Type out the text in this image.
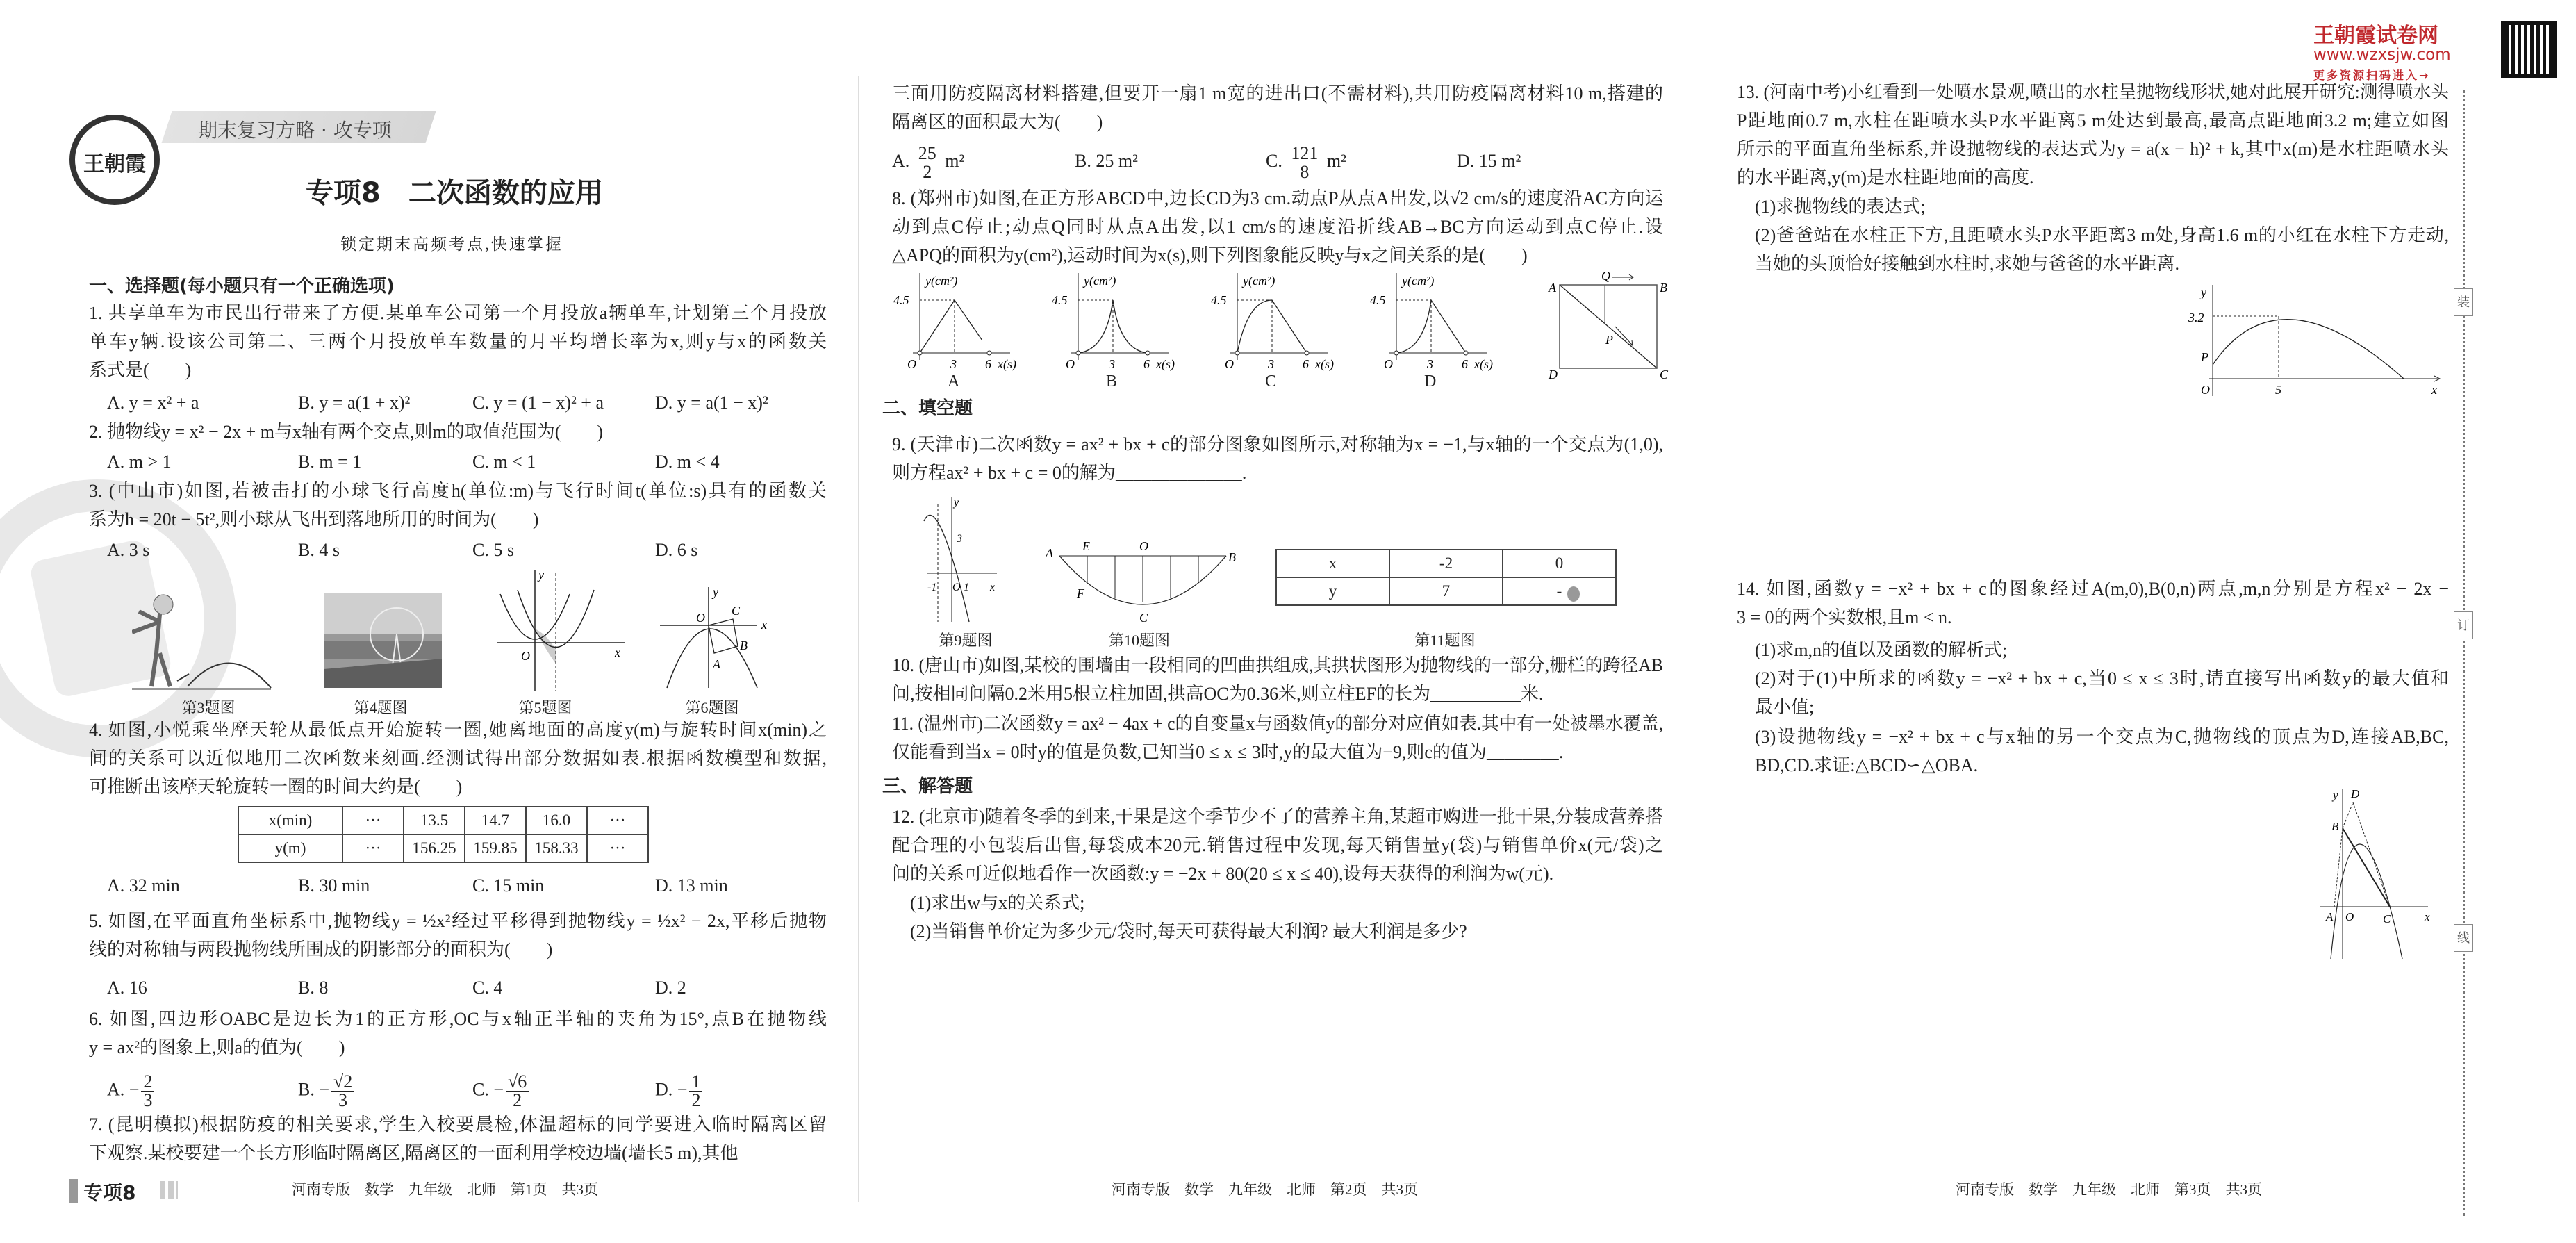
王朝霞
期末复习方略 · 攻专项
专项8　二次函数的应用
锁定期末高频考点,快速掌握
王朝霞试卷网
www.wzxsjw.com
更多资源扫码进入→
装
订
线
一、选择题(每小题只有一个正确选项)
1. 共享单车为市民出行带来了方便.某单车公司第一个月投放a辆单车,计划第三个月投放
单车y辆.设该公司第二、三两个月投放单车数量的月平均增长率为x,则y与x的函数关
系式是(　　)
A. y = x² + a	B. y = a(1 + x)²	C. y = (1 − x)² + a	D. y = a(1 − x)²
2. 抛物线y = x² − 2x + m与x轴有两个交点,则m的取值范围为(　　)
A. m > 1	B. m = 1	C. m < 1	D. m < 4
3. (中山市)如图,若被击打的小球飞行高度h(单位:m)与飞行时间t(单位:s)具有的函数关
系为h = 20t − 5t²,则小球从飞出到落地所用的时间为(　　)
A. 3 s	B. 4 s	C. 5 s	D. 6 s
y
O	x
O C
B
A
y
x
第3题图	第4题图	第5题图	第6题图
4. 如图,小悦乘坐摩天轮从最低点开始旋转一圈,她离地面的高度y(m)与旋转时间x(min)之
间的关系可以近似地用二次函数来刻画.经测试得出部分数据如表.根据函数模型和数据,
可推断出该摩天轮旋转一圈的时间大约是(　　)
x(min)	···	13.5	14.7	16.0	···
y(m)	···	156.25	159.85	158.33	···
A. 32 min	B. 30 min	C. 15 min	D. 13 min
5. 如图,在平面直角坐标系中,抛物线y = ½x²经过平移得到抛物线y = ½x² − 2x,平移后抛物
线的对称轴与两段抛物线所围成的阴影部分的面积为(　　)
A. 16	B. 8	C. 4	D. 2
6. 如图,四边形OABC是边长为1的正方形,OC与x轴正半轴的夹角为15°,点B在抛物线
y = ax²的图象上,则a的值为(　　)
A. − $\frac{2}{3}$	B. − $\frac{√2}{3}$	C. − $\frac{√6}{2}$	D. − $\frac{1}{2}$
7. (昆明模拟)根据防疫的相关要求,学生入校要晨检,体温超标的同学要进入临时隔离区留
下观察.某校要建一个长方形临时隔离区,隔离区的一面利用学校边墙(墙长5 m),其他
专项8	河南专版　数学　九年级　北师　第1页　共3页
三面用防疫隔离材料搭建,但要开一扇1 m宽的进出口(不需材料),共用防疫隔离材料10 m,搭建的
隔离区的面积最大为(　　)
A. $\frac{25}{2} m^2$	B. 25 m²	C. $\frac{121}{8} m^2$	D. 15 m²
8. (郑州市)如图,在正方形ABCD中,边长CD为3 cm.动点P从点A出发,以√2 cm/s的速度沿AC方向运
动到点C停止;动点Q同时从点A出发,以1 cm/s的速度沿折线AB→BC方向运动到点C停止.设
△APQ的面积为y(cm²),运动时间为x(s),则下列图象能反映y与x之间关系的是(　　)
y(cm²)
4.5
O	3 6 x(s)
A
y(cm²)
4.5
O	3 6 x(s)
B
y(cm²)
4.5
O	3 6 x(s)
C
y(cm²)
4.5
O	3 6 x(s)
D
A	B
C
D
Q
P
二、填空题
9. (天津市)二次函数y = ax² + bx + c的部分图象如图所示,对称轴为x = −1,与x轴的一个交点为(1,0),
则方程ax² + bx + c = 0的解为＿＿＿＿＿＿＿.
y
3
-1 O 1 x
A E	O
B
F
C
x	-2	0
y	7	-
第9题图	第10题图	第11题图
10. (唐山市)如图,某校的围墙由一段相同的凹曲拱组成,其拱状图形为抛物线的一部分,栅栏的跨径AB
间,按相同间隔0.2米用5根立柱加固,拱高OC为0.36米,则立柱EF的长为＿＿＿＿＿米.
11. (温州市)二次函数y = ax² − 4ax + c的自变量x与函数值y的部分对应值如表.其中有一处被墨水覆盖,
仅能看到当x = 0时y的值是负数,已知当0 ≤ x ≤ 3时,y的最大值为−9,则c的值为＿＿＿＿.
三、解答题
12. (北京市)随着冬季的到来,干果是这个季节少不了的营养主角,某超市购进一批干果,分装成营养搭
配合理的小包装后出售,每袋成本20元.销售过程中发现,每天销售量y(袋)与销售单价x(元/袋)之
间的关系可近似地看作一次函数:y = −2x + 80(20 ≤ x ≤ 40),设每天获得的利润为w(元).
(1)求出w与x的关系式;
(2)当销售单价定为多少元/袋时,每天可获得最大利润? 最大利润是多少?
河南专版　数学　九年级　北师　第2页　共3页
13. (河南中考)小红看到一处喷水景观,喷出的水柱呈抛物线形状,她对此展开研究:测得喷水头
P距地面0.7 m,水柱在距喷水头P水平距离5 m处达到最高,最高点距地面3.2 m;建立如图
所示的平面直角坐标系,并设抛物线的表达式为y = a(x − h)² + k,其中x(m)是水柱距喷水头
的水平距离,y(m)是水柱距地面的高度.
(1)求抛物线的表达式;
(2)爸爸站在水柱正下方,且距喷水头P水平距离3 m处,身高1.6 m的小红在水柱下方走动,
当她的头顶恰好接触到水柱时,求她与爸爸的水平距离.
y
3.2
P
O	5	x
14. 如图,函数y = −x² + bx + c的图象经过A(m,0),B(0,n)两点,m,n分别是方程x² − 2x −
3 = 0的两个实数根,且m < n.
(1)求m,n的值以及函数的解析式;
(2)对于(1)中所求的函数y = −x² + bx + c,当0 ≤ x ≤ 3时,请直接写出函数y的最大值和
最小值;
(3)设抛物线y = −x² + bx + c与x轴的另一个交点为C,抛物线的顶点为D,连接AB,BC,
BD,CD.求证:△BCD∽△OBA.
y D
B
A O C	x
河南专版　数学　九年级　北师　第3页　共3页
